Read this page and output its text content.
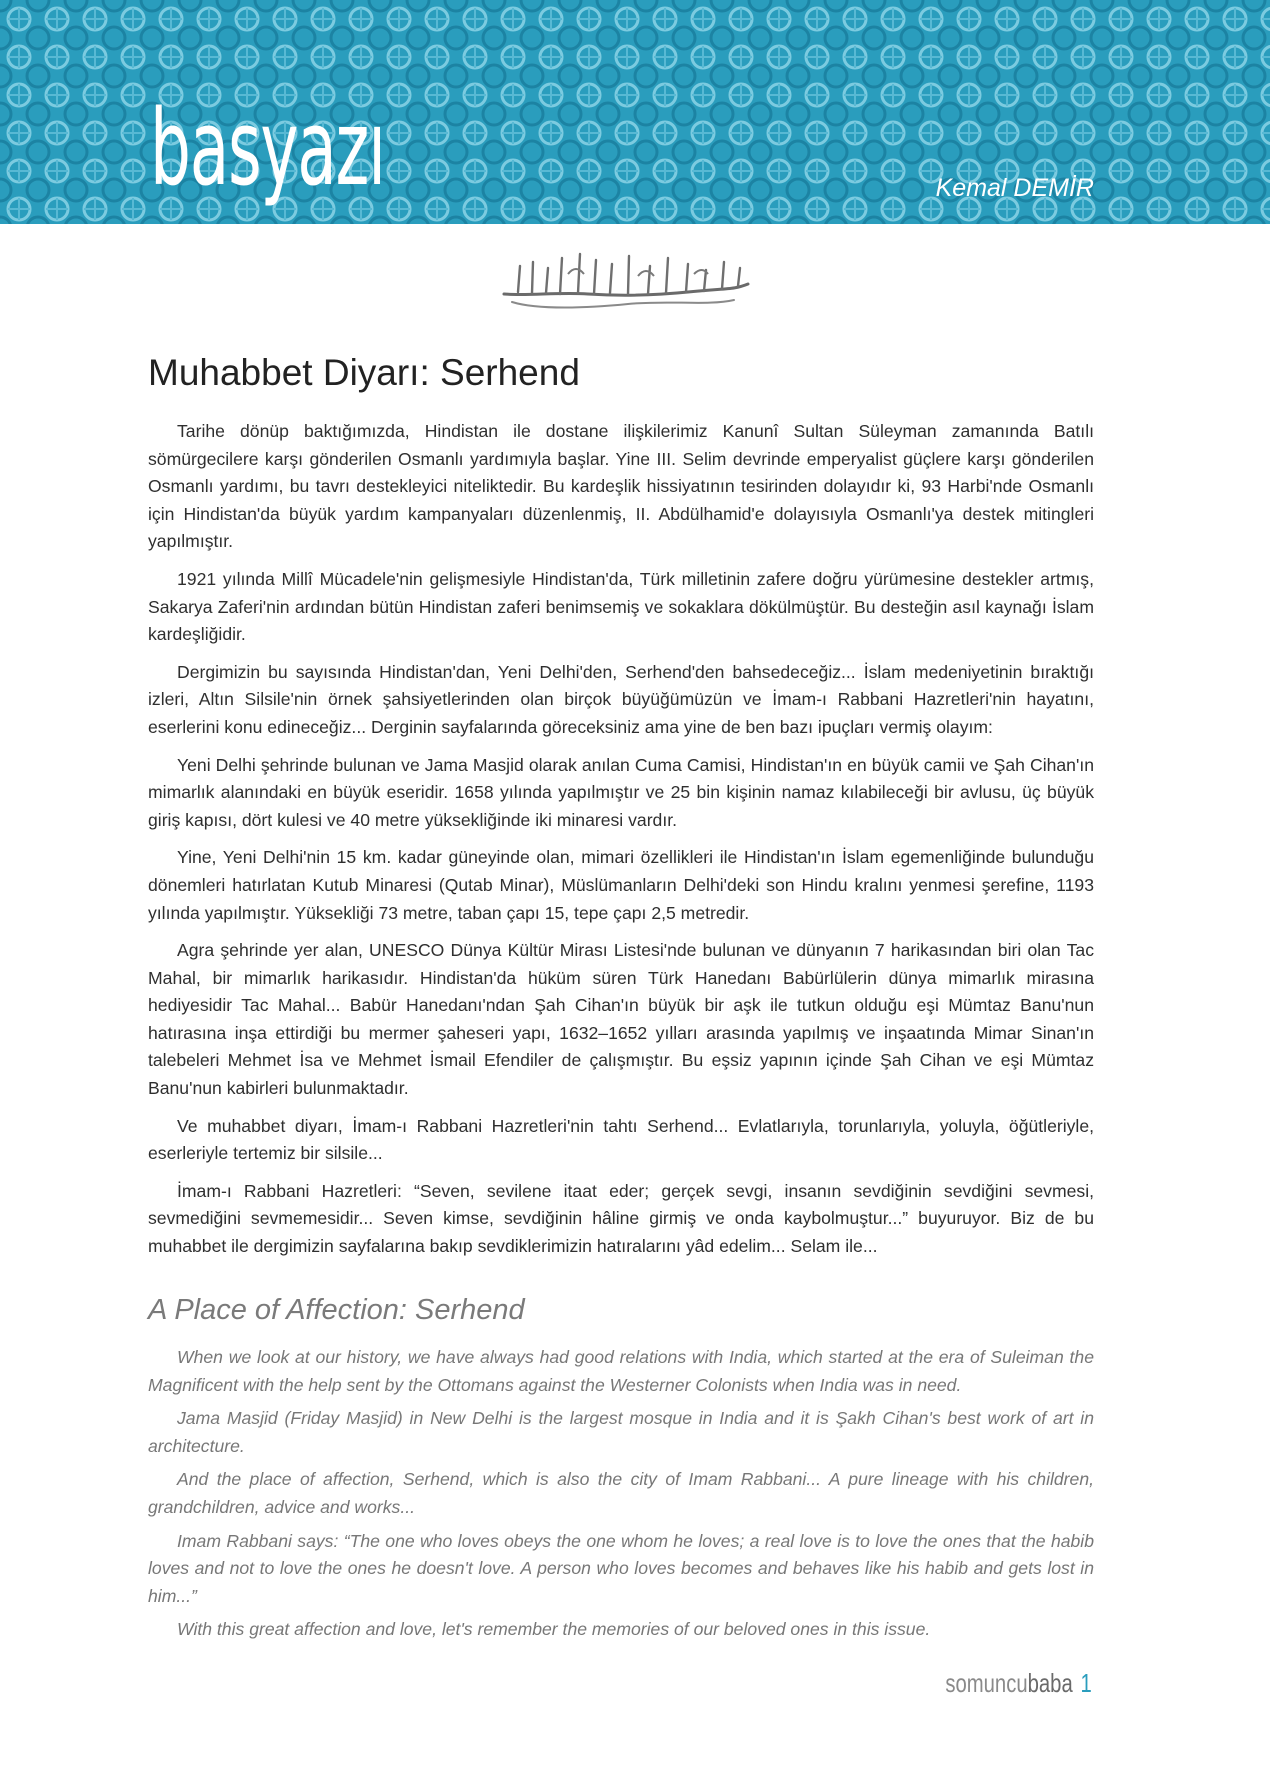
basyazı	Kemal DEMİR
Muhabbet Diyarı: Serhend

Tarihe dönüp baktığımızda, Hindistan ile dostane ilişkilerimiz Kanunî Sultan Süleyman zamanında Batılı sömürgecilere karşı gönderilen Osmanlı yardımıyla başlar. Yine III. Selim devrinde emperyalist güçlere karşı gönderilen Osmanlı yardımı, bu tavrı destekleyici niteliktedir. Bu kardeşlik hissiyatının tesirinden dolayıdır ki, 93 Harbi'nde Osmanlı için Hindistan'da büyük yardım kampanyaları düzenlenmiş, II. Abdülhamid'e dolayısıyla Osmanlı'ya destek mitingleri yapılmıştır.

1921 yılında Millî Mücadele'nin gelişmesiyle Hindistan'da, Türk milletinin zafere doğru yürümesine destekler artmış, Sakarya Zaferi'nin ardından bütün Hindistan zaferi benimsemiş ve sokaklara dökülmüştür. Bu desteğin asıl kaynağı İslam kardeşliğidir.

Dergimizin bu sayısında Hindistan'dan, Yeni Delhi'den, Serhend'den bahsedeceğiz... İslam medeniyetinin bıraktığı izleri, Altın Silsile'nin örnek şahsiyetlerinden olan birçok büyüğümüzün ve İmam-ı Rabbani Hazretleri'nin hayatını, eserlerini konu edineceğiz... Derginin sayfalarında göreceksiniz ama yine de ben bazı ipuçları vermiş olayım:

Yeni Delhi şehrinde bulunan ve Jama Masjid olarak anılan Cuma Camisi, Hindistan'ın en büyük camii ve Şah Cihan'ın mimarlık alanındaki en büyük eseridir. 1658 yılında yapılmıştır ve 25 bin kişinin namaz kılabileceği bir avlusu, üç büyük giriş kapısı, dört kulesi ve 40 metre yüksekliğinde iki minaresi vardır.

Yine, Yeni Delhi'nin 15 km. kadar güneyinde olan, mimari özellikleri ile Hindistan'ın İslam egemenliğinde bulunduğu dönemleri hatırlatan Kutub Minaresi (Qutab Minar), Müslümanların Delhi'deki son Hindu kralını yenmesi şerefine, 1193 yılında yapılmıştır. Yüksekliği 73 metre, taban çapı 15, tepe çapı 2,5 metredir.

Agra şehrinde yer alan, UNESCO Dünya Kültür Mirası Listesi'nde bulunan ve dünyanın 7 harikasından biri olan Tac Mahal, bir mimarlık harikasıdır. Hindistan'da hüküm süren Türk Hanedanı Babürlülerin dünya mimarlık mirasına hediyesidir Tac Mahal... Babür Hanedanı'ndan Şah Cihan'ın büyük bir aşk ile tutkun olduğu eşi Mümtaz Banu'nun hatırasına inşa ettirdiği bu mermer şaheseri yapı, 1632–1652 yılları arasında yapılmış ve inşaatında Mimar Sinan'ın talebeleri Mehmet İsa ve Mehmet İsmail Efendiler de çalışmıştır. Bu eşsiz yapının içinde Şah Cihan ve eşi Mümtaz Banu'nun kabirleri bulunmaktadır.

Ve muhabbet diyarı, İmam-ı Rabbani Hazretleri'nin tahtı Serhend... Evlatlarıyla, torunlarıyla, yoluyla, öğütleriyle, eserleriyle tertemiz bir silsile...

İmam-ı Rabbani Hazretleri: “Seven, sevilene itaat eder; gerçek sevgi, insanın sevdiğinin sevdiğini sevmesi, sevmediğini sevmemesidir... Seven kimse, sevdiğinin hâline girmiş ve onda kaybolmuştur...” buyuruyor. Biz de bu muhabbet ile dergimizin sayfalarına bakıp sevdiklerimizin hatıralarını yâd edelim... Selam ile...

A Place of Affection: Serhend

When we look at our history, we have always had good relations with India, which started at the era of Suleiman the Magnificent with the help sent by the Ottomans against the Westerner Colonists when India was in need.

Jama Masjid (Friday Masjid) in New Delhi is the largest mosque in India and it is Şakh Cihan's best work of art in architecture.

And the place of affection, Serhend, which is also the city of Imam Rabbani... A pure lineage with his children, grandchildren, advice and works...

Imam Rabbani says: “The one who loves obeys the one whom he loves; a real love is to love the ones that the habib loves and not to love the ones he doesn't love. A person who loves becomes and behaves like his habib and gets lost in him...”

With this great affection and love, let's remember the memories of our beloved ones in this issue.

somuncubaba 1
